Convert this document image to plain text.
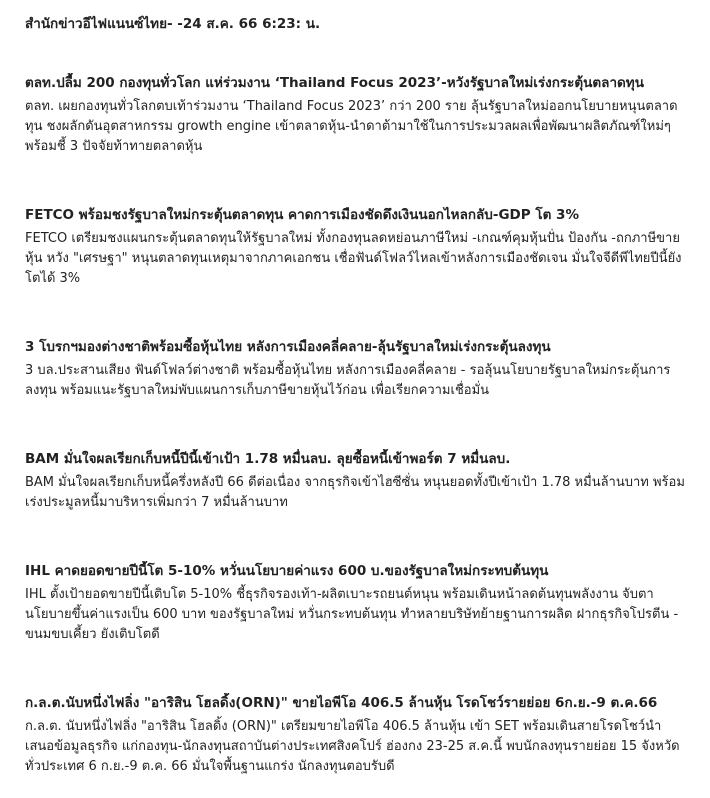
สำนักข่าวอีไฟแนนซ์ไทย- -24 ส.ค. 66 6:23: น.
ตลท.ปลื้ม 200 กองทุนทั่วโลก แห่ร่วมงาน ‘Thailand Focus 2023’-หวังรัฐบาลใหม่เร่งกระตุ้นตลาดทุน
ตลท. เผยกองทุนทั่วโลกตบเท้าร่วมงาน ‘Thailand Focus 2023’ กว่า 200 ราย ลุ้นรัฐบาลใหม่ออกนโยบายหนุนตลาดทุน ชงผลักดันอุตสาหกรรม growth engine เข้าตลาดหุ้น-นำดาต้ามาใช้ในการประมวลผลเพื่อพัฒนาผลิตภัณฑ์ใหม่ๆ พร้อมชี้ 3 ปัจจัยท้าทายตลาดหุ้น
FETCO พร้อมชงรัฐบาลใหม่กระตุ้นตลาดทุน คาดการเมืองชัดดึงเงินนอกไหลกลับ-GDP โต 3%
FETCO เตรียมชงแผนกระตุ้นตลาดทุนให้รัฐบาลใหม่ ทั้งกองทุนลดหย่อนภาษีใหม่ -เกณฑ์คุมหุ้นปั่น ป้องกัน -ถกภาษีขายหุ้น หวัง "เศรษฐา" หนุนตลาดทุนเหตุมาจากภาคเอกชน เชื่อฟันด์โฟลว์ไหลเข้าหลังการเมืองชัดเจน มั่นใจจีดีพีไทยปีนี้ยังโตได้ 3%
3 โบรกฯมองต่างชาติพร้อมซื้อหุ้นไทย หลังการเมืองคลี่คลาย-ลุ้นรัฐบาลใหม่เร่งกระตุ้นลงทุน
3 บล.ประสานเสียง ฟันด์โฟลว์ต่างชาติ พร้อมซื้อหุ้นไทย หลังการเมืองคลี่คลาย - รอลุ้นนโยบายรัฐบาลใหม่กระตุ้นการลงทุน พร้อมแนะรัฐบาลใหม่พับแผนการเก็บภาษีขายหุ้นไว้ก่อน เพื่อเรียกความเชื่อมั่น
BAM มั่นใจผลเรียกเก็บหนี้ปีนี้เข้าเป้า 1.78 หมื่นลบ. ลุยซื้อหนี้เข้าพอร์ต 7 หมื่นลบ.
BAM มั่นใจผลเรียกเก็บหนี้ครึ่งหลังปี 66 ดีต่อเนื่อง จากธุรกิจเข้าไฮซีซั่น หนุนยอดทั้งปีเข้าเป้า 1.78 หมื่นล้านบาท พร้อมเร่งประมูลหนี้มาบริหารเพิ่มกว่า 7 หมื่นล้านบาท
IHL คาดยอดขายปีนี้โต 5-10% หวั่นนโยบายค่าแรง 600 บ.ของรัฐบาลใหม่กระทบต้นทุน
IHL ตั้งเป้ายอดขายปีนี้เติบโต 5-10% ชี้ธุรกิจรองเท้า-ผลิตเบาะรถยนต์หนุน พร้อมเดินหน้าลดต้นทุนพลังงาน จับตานโยบายขึ้นค่าแรงเป็น 600 บาท ของรัฐบาลใหม่ หวั่นกระทบต้นทุน ทำหลายบริษัทย้ายฐานการผลิต ฝากธุรกิจโปรตีน - ขนมขบเคี้ยว ยังเติบโตดี
ก.ล.ต.นับหนึ่งไฟลิ่ง "อาริสิน โฮลดิ้ง(ORN)" ขายไอพีโอ 406.5 ล้านหุ้น โรดโชว์รายย่อย 6ก.ย.-9 ต.ค.66
ก.ล.ต. นับหนึ่งไฟลิ่ง "อาริสิน โฮลดิ้ง (ORN)" เตรียมขายไอพีโอ 406.5 ล้านหุ้น เข้า SET พร้อมเดินสายโรดโชว์นำเสนอข้อมูลธุรกิจ แก่กองทุน-นักลงทุนสถาบันต่างประเทศสิงคโปร์ ฮ่องกง 23-25 ส.ค.นี้ พบนักลงทุนรายย่อย 15 จังหวัดทั่วประเทศ 6 ก.ย.-9 ต.ค. 66 มั่นใจพื้นฐานแกร่ง นักลงทุนตอบรับดี
